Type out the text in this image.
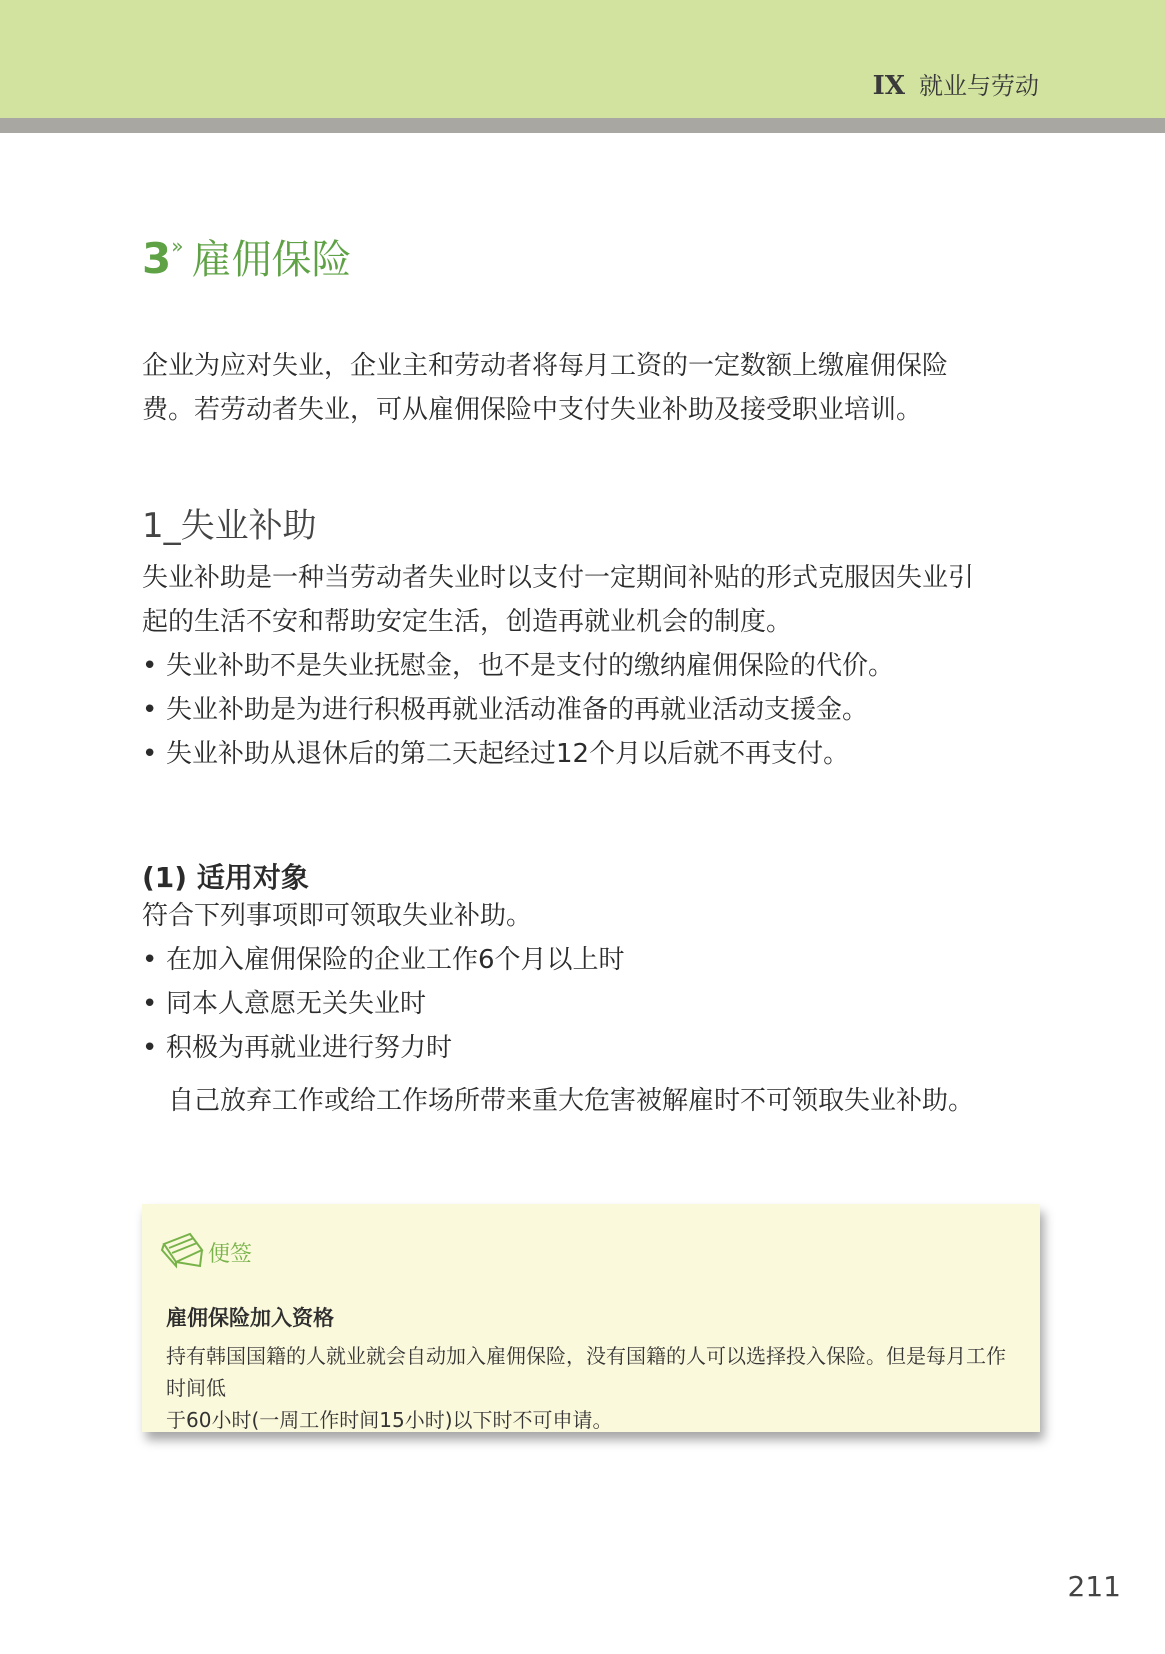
IX 就业与劳动
3» 雇佣保险

企业为应对失业，企业主和劳动者将每月工资的一定数额上缴雇佣保险
费。若劳动者失业，可从雇佣保险中支付失业补助及接受职业培训。

1_失业补助

失业补助是一种当劳动者失业时以支付一定期间补贴的形式克服因失业引
起的生活不安和帮助安定生活，创造再就业机会的制度。

• 失业补助不是失业抚慰金，也不是支付的缴纳雇佣保险的代价。
• 失业补助是为进行积极再就业活动准备的再就业活动支援金。
• 失业补助从退休后的第二天起经过12个月以后就不再支付。
(1) 适用对象

符合下列事项即可领取失业补助。

• 在加入雇佣保险的企业工作6个月以上时
• 同本人意愿无关失业时
• 积极为再就业进行努力时
自己放弃工作或给工作场所带来重大危害被解雇时不可领取失业补助。
便签
雇佣保险加入资格

持有韩国国籍的人就业就会自动加入雇佣保险，没有国籍的人可以选择投入保险。但是每月工作时间低
于60小时(一周工作时间15小时)以下时不可申请。

211
